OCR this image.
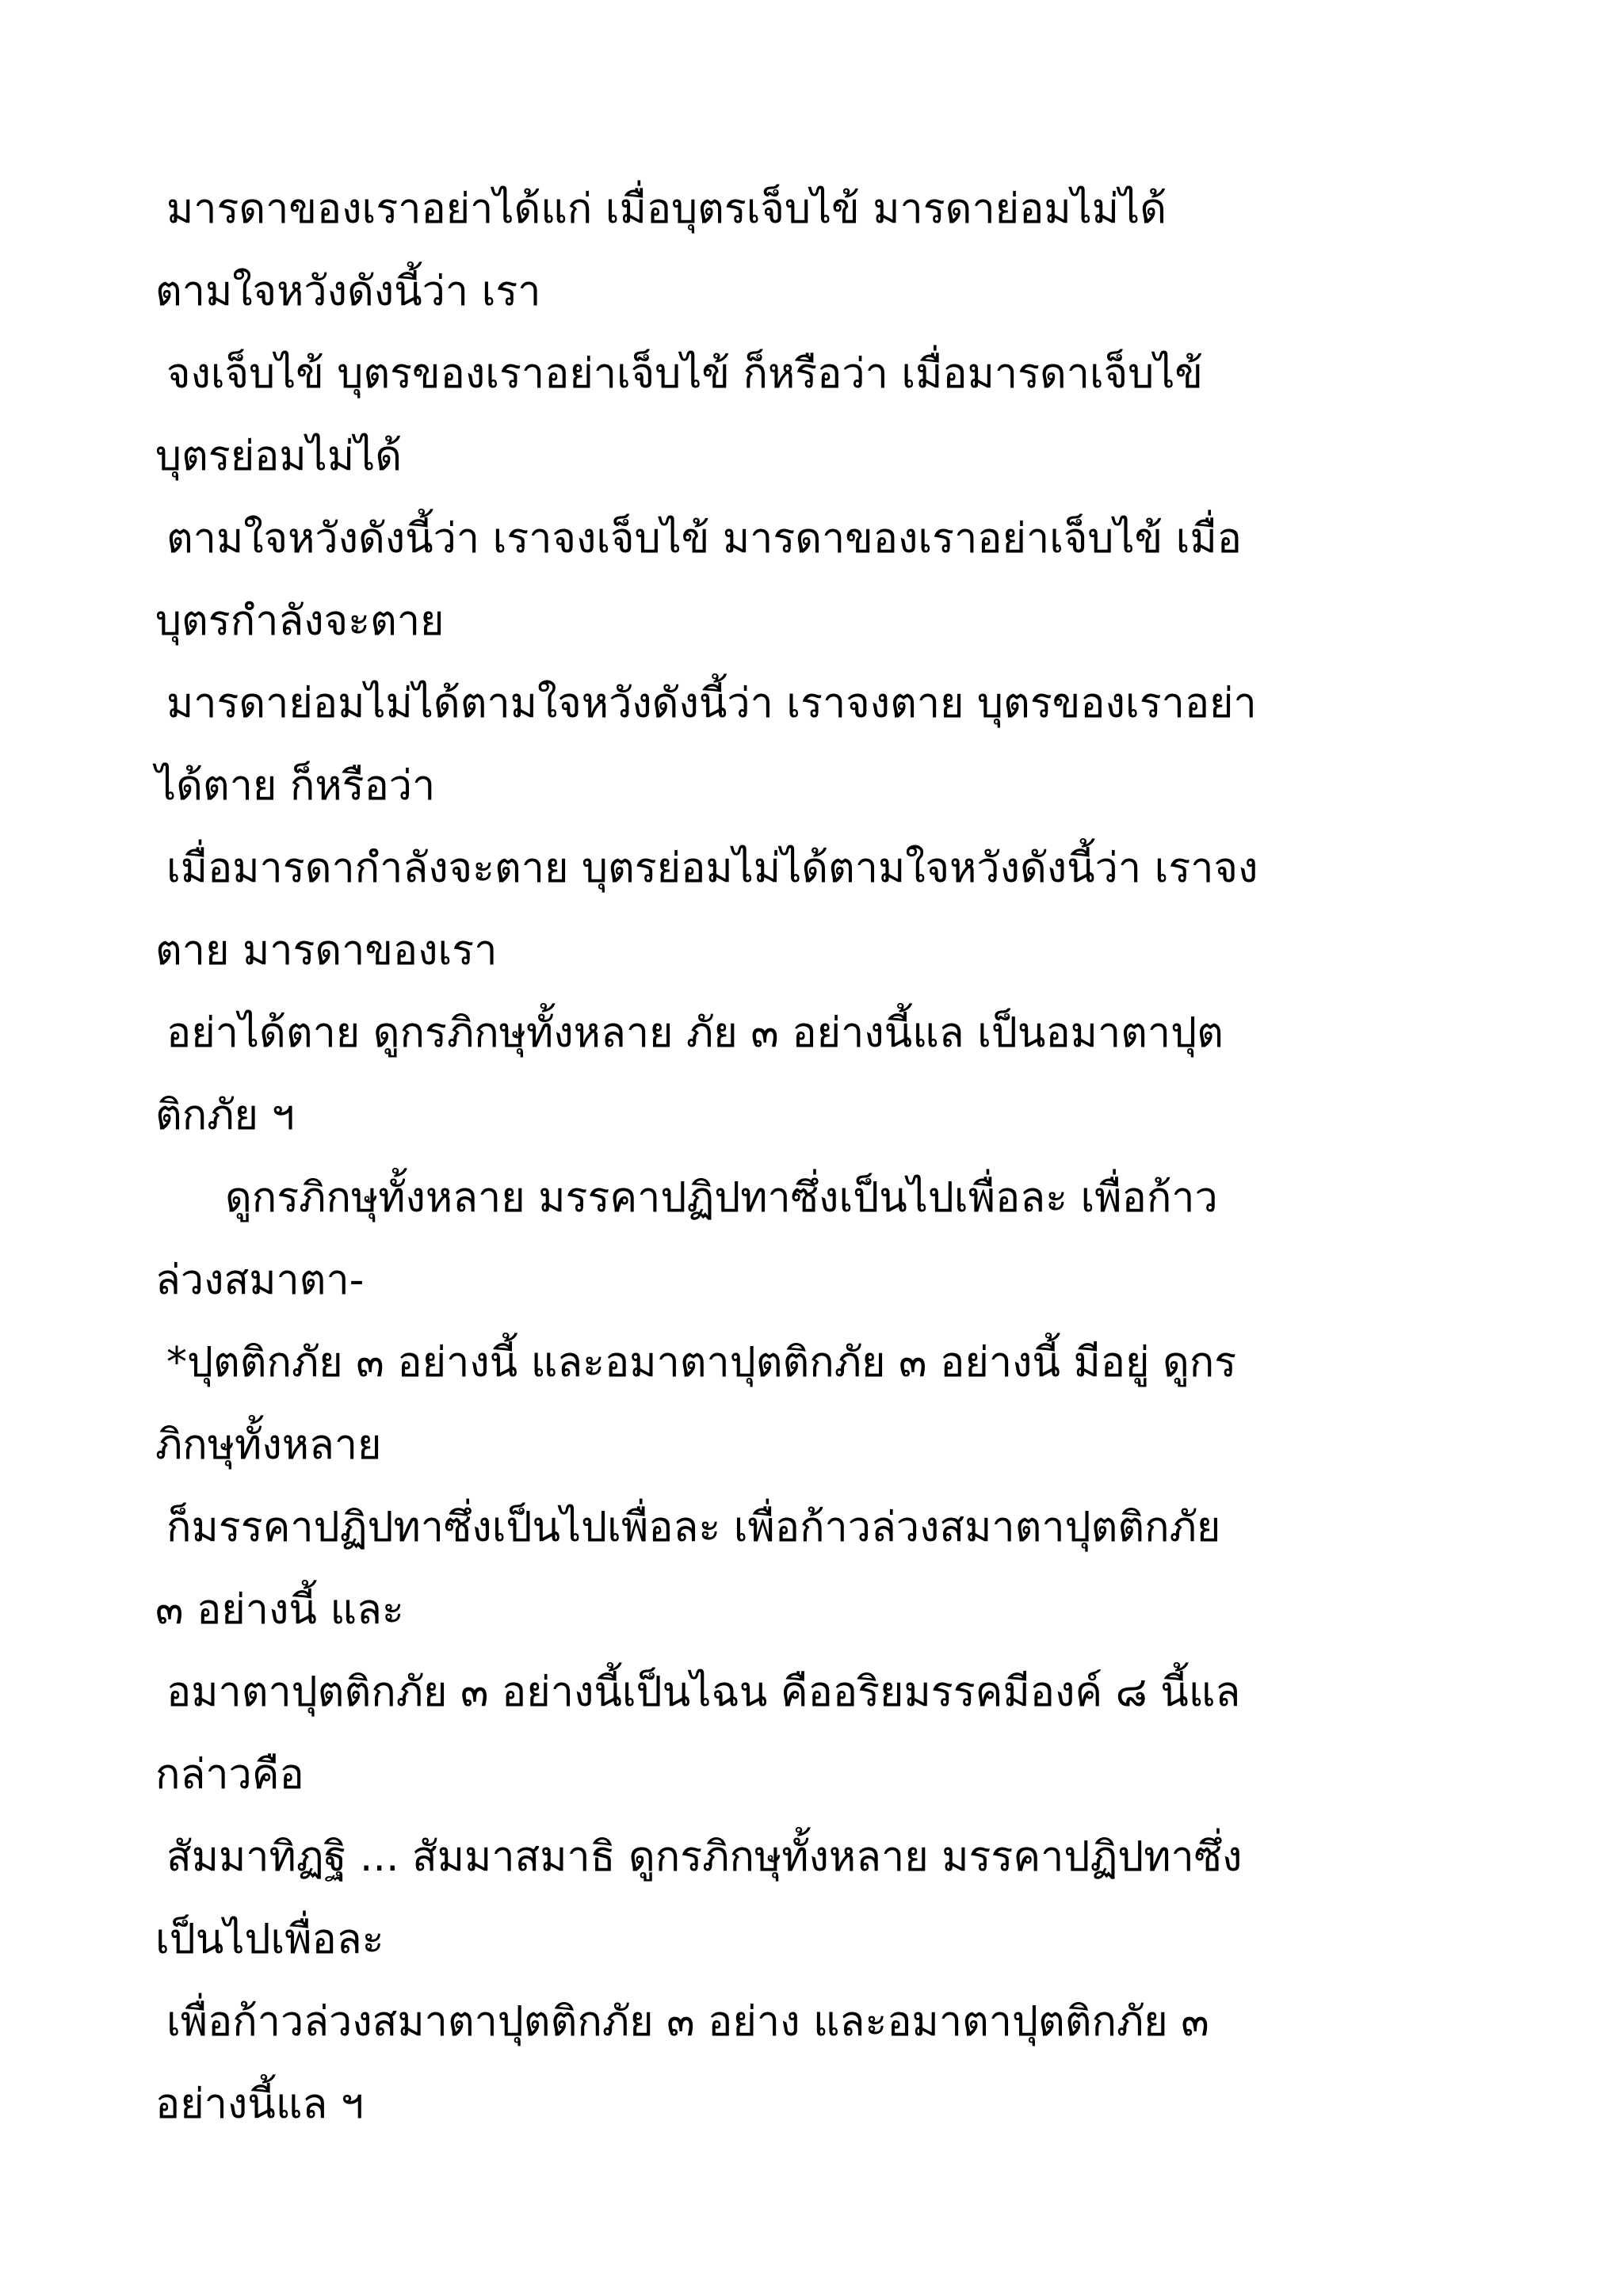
มารดาของเราอย่าได้แก่ เมื่อบุตรเจ็บไข้ มารดาย่อมไม่ได้
ตามใจหวังดังนี้ว่า เรา
จงเจ็บไข้ บุตรของเราอย่าเจ็บไข้ ก็หรือว่า เมื่อมารดาเจ็บไข้
บุตรย่อมไม่ได้
ตามใจหวังดังนี้ว่า เราจงเจ็บไข้ มารดาของเราอย่าเจ็บไข้ เมื่อ
บุตรกำลังจะตาย
มารดาย่อมไม่ได้ตามใจหวังดังนี้ว่า เราจงตาย บุตรของเราอย่า
ได้ตาย ก็หรือว่า
เมื่อมารดากำลังจะตาย บุตรย่อมไม่ได้ตามใจหวังดังนี้ว่า เราจง
ตาย มารดาของเรา
อย่าได้ตาย ดูกรภิกษุทั้งหลาย ภัย ๓ อย่างนี้แล เป็นอมาตาปุต
ติกภัย ฯ
ดูกรภิกษุทั้งหลาย มรรคาปฏิปทาซึ่งเป็นไปเพื่อละ เพื่อก้าว
ล่วงสมาตา-
*ปุตติกภัย ๓ อย่างนี้ และอมาตาปุตติกภัย ๓ อย่างนี้ มีอยู่ ดูกร
ภิกษุทั้งหลาย
ก็มรรคาปฏิปทาซึ่งเป็นไปเพื่อละ เพื่อก้าวล่วงสมาตาปุตติกภัย
๓ อย่างนี้ และ
อมาตาปุตติกภัย ๓ อย่างนี้เป็นไฉน คืออริยมรรคมีองค์ ๘ นี้แล
กล่าวคือ
สัมมาทิฏฐิ ... สัมมาสมาธิ ดูกรภิกษุทั้งหลาย มรรคาปฏิปทาซึ่ง
เป็นไปเพื่อละ
เพื่อก้าวล่วงสมาตาปุตติกภัย ๓ อย่าง และอมาตาปุตติกภัย ๓
อย่างนี้แล ฯ
